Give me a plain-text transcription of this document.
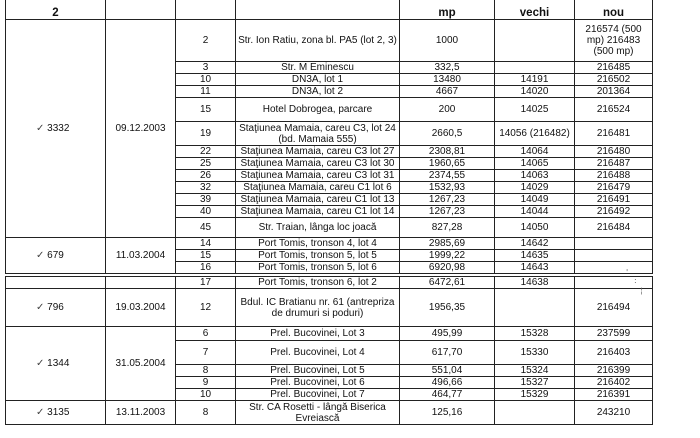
2				mp	vechi	nou
✓ 3332	09.12.2003	2	Str. Ion Ratiu, zona bl. PA5 (lot 2, 3)	1000		216574 (500 mp) 216483 (500 mp)
		3	Str. M Eminescu	332,5		216485
		10	DN3A, lot 1	13480	14191	216502
		11	DN3A, lot 2	4667	14020	201364
		15	Hotel Dobrogea, parcare	200	14025	216524
		19	Staţiunea Mamaia, careu C3, lot 24 (bd. Mamaia 555)	2660,5	14056 (216482)	216481
		22	Staţiunea Mamaia, careu C3 lot 27	2308,81	14064	216480
		25	Staţiunea Mamaia, careu C3 lot 30	1960,65	14065	216487
		26	Staţiunea Mamaia, careu C3 lot 31	2374,55	14063	216488
		32	Staţiunea Mamaia, careu C1 lot 6	1532,93	14029	216479
		39	Staţiunea Mamaia, careu C1 lot 13	1267,23	14049	216491
		40	Staţiunea Mamaia, careu C1 lot 14	1267,23	14044	216492
		45	Str. Traian, lânga loc joacă	827,28	14050	216484
✓ 679	11.03.2004	14	Port Tomis, tronson 4, lot 4	2985,69	14642	
		15	Port Tomis, tronson 5, lot 5	1999,22	14635	
		16	Port Tomis, tronson 5, lot 6	6920,98	14643	
		17	Port Tomis, tronson 6, lot 2	6472,61	14638	
✓ 796	19.03.2004	12	Bdul. IC Bratianu nr. 61 (antrepriza de drumuri si poduri)	1956,35		216494
✓ 1344	31.05.2004	6	Prel. Bucovinei, Lot 3	495,99	15328	237599
		7	Prel. Bucovinei, Lot 4	617,70	15330	216403
		8	Prel. Bucovinei, Lot 5	551,04	15324	216399
		9	Prel. Bucovinei, Lot 6	496,66	15327	216402
		10	Prel. Bucovinei, Lot 7	464,77	15329	216391
✓ 3135	13.11.2003	8	Str. CA Rosetti - lângă Biserica Evreiască	125,16		243210
'
:
¦
